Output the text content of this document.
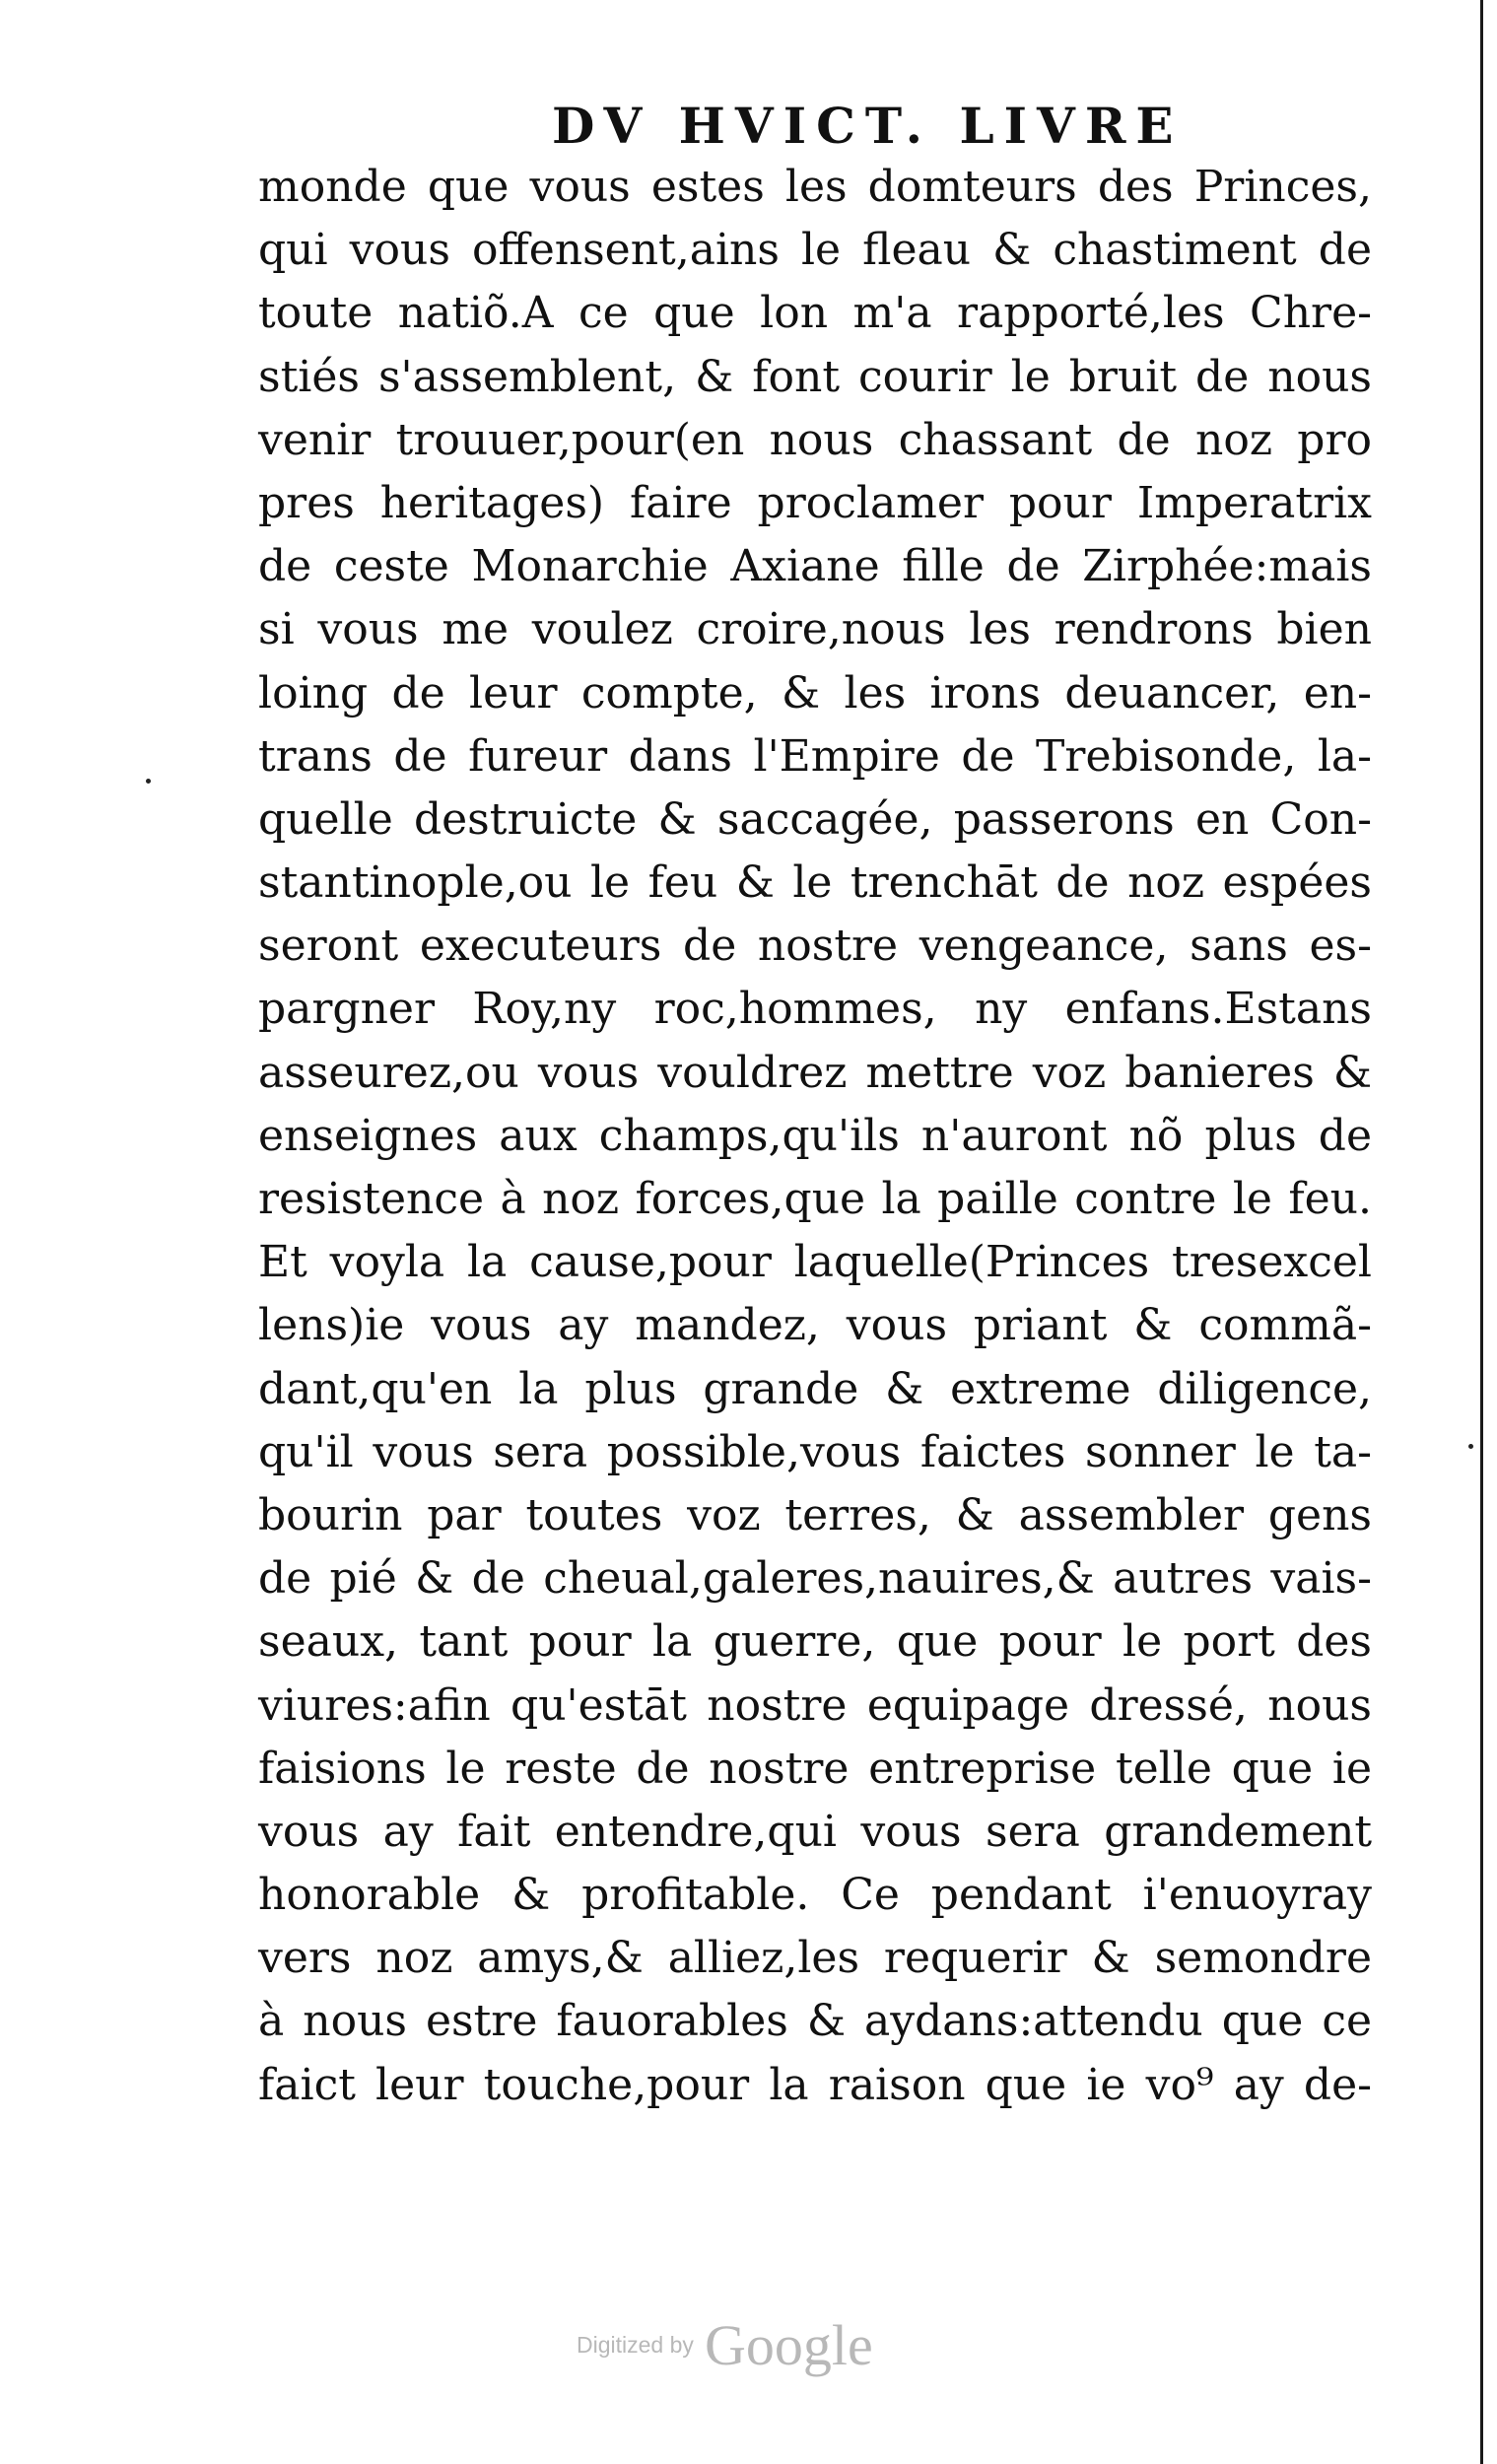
DV HVICT. LIVRE
monde que vous estes les domteurs des Princes,
qui vous offensent,ains le fleau & chastiment de
toute natiõ.A ce que lon m'a rapporté,les Chre-
stiés s'assemblent, & font courir le bruit de nous
venir trouuer,pour(en nous chassant de noz pro
pres heritages) faire proclamer pour Imperatrix
de ceste Monarchie Axiane fille de Zirphée:mais
si vous me voulez croire,nous les rendrons bien
loing de leur compte, & les irons deuancer, en-
trans de fureur dans l'Empire de Trebisonde, la-
quelle destruicte & saccagée, passerons en Con-
stantinople,ou le feu & le trenchāt de noz espées
seront executeurs de nostre vengeance, sans es-
pargner Roy,ny roc,hommes, ny enfans.Estans
asseurez,ou vous vouldrez mettre voz banieres &
enseignes aux champs,qu'ils n'auront nõ plus de
resistence à noz forces,que la paille contre le feu.
Et voyla la cause,pour laquelle(Princes tresexcel
lens)ie vous ay mandez, vous priant & commã-
dant,qu'en la plus grande & extreme diligence,
qu'il vous sera possible,vous faictes sonner le ta-
bourin par toutes voz terres, & assembler gens
de pié & de cheual,galeres,nauires,& autres vais-
seaux, tant pour la guerre, que pour le port des
viures:afin qu'estāt nostre equipage dressé, nous
faisions le reste de nostre entreprise telle que ie
vous ay fait entendre,qui vous sera grandement
honorable & profitable. Ce pendant i'enuoyray
vers noz amys,& alliez,les requerir & semondre
à nous estre fauorables & aydans:attendu que ce
faict leur touche,pour la raison que ie vo⁹ ay de-
Digitized by Google
